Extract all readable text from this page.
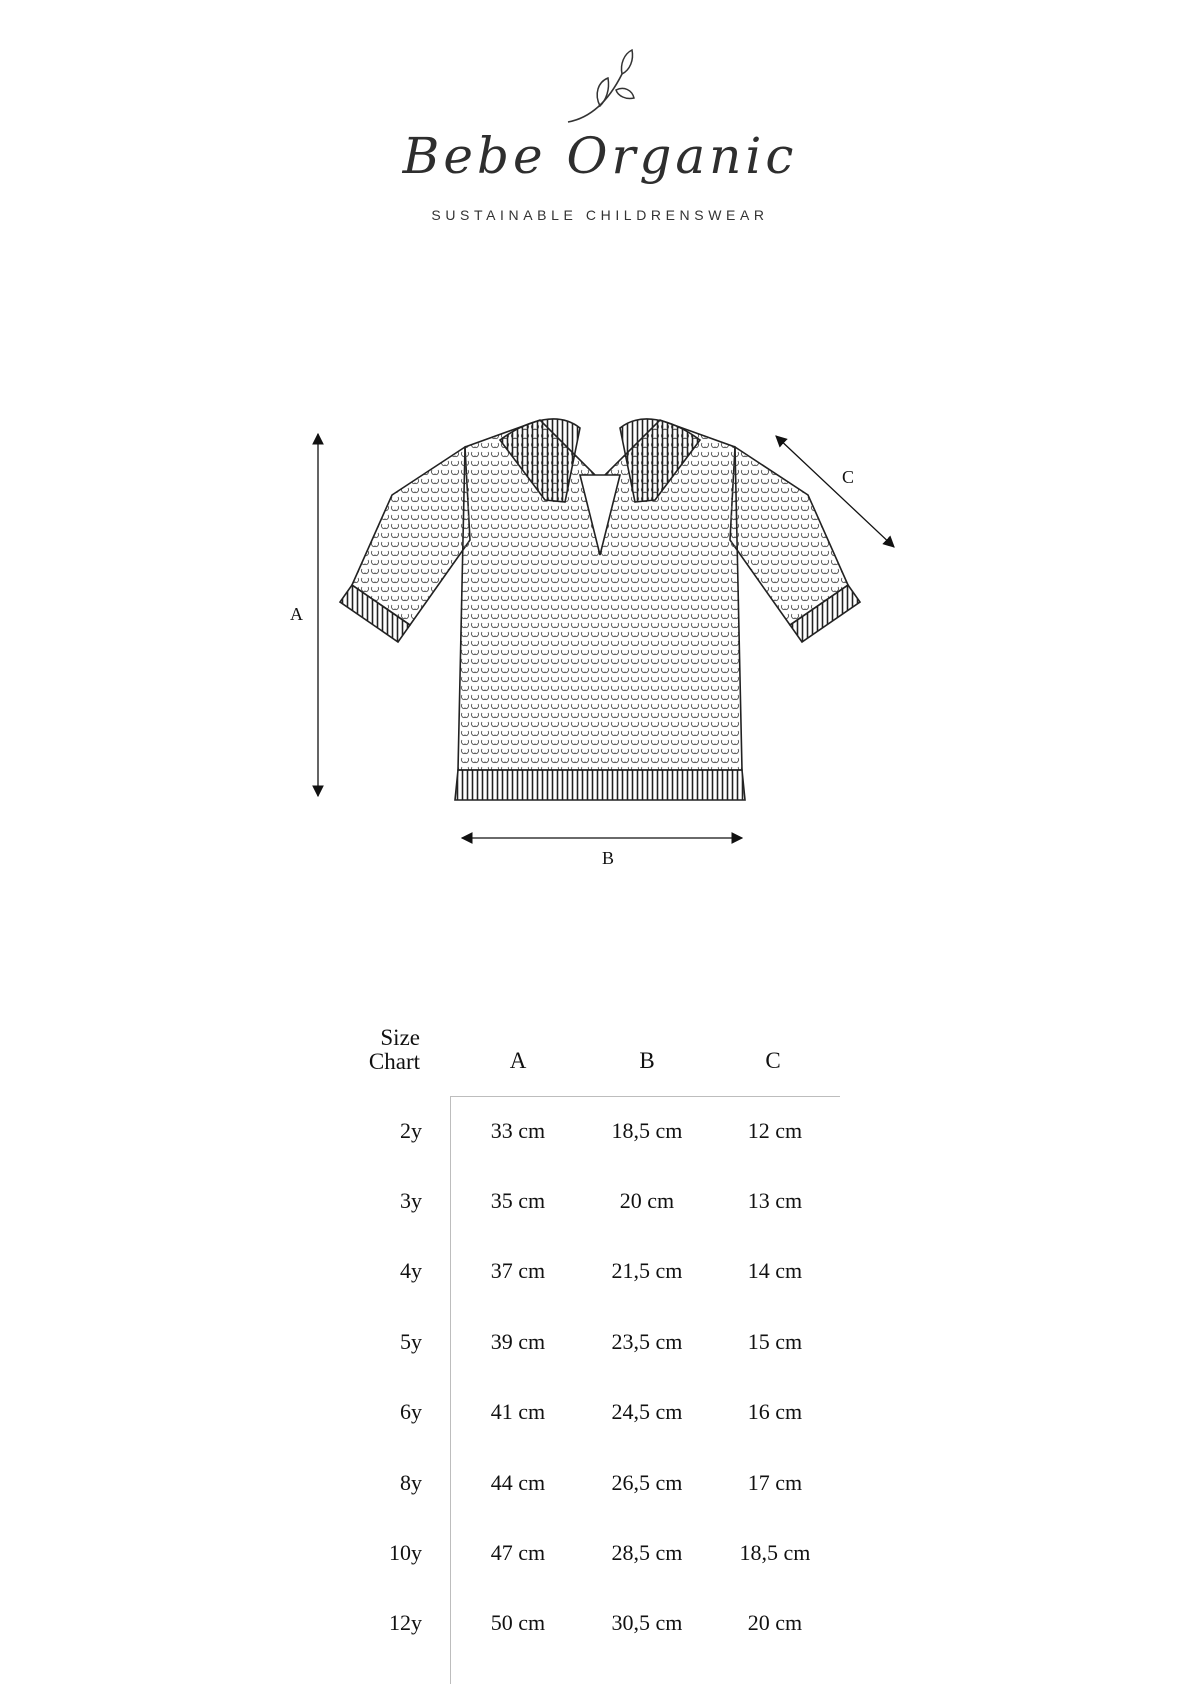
Bebe Organic
SUSTAINABLE CHILDRENSWEAR
A
B
C
Size
Chart	A	B	C
2y	33 cm	18,5 cm	12 cm
3y	35 cm	20 cm	13 cm
4y	37 cm	21,5 cm	14 cm
5y	39 cm	23,5 cm	15 cm
6y	41 cm	24,5 cm	16 cm
8y	44 cm	26,5 cm	17 cm
10y	47 cm	28,5 cm	18,5 cm
12y	50 cm	30,5 cm	20 cm
